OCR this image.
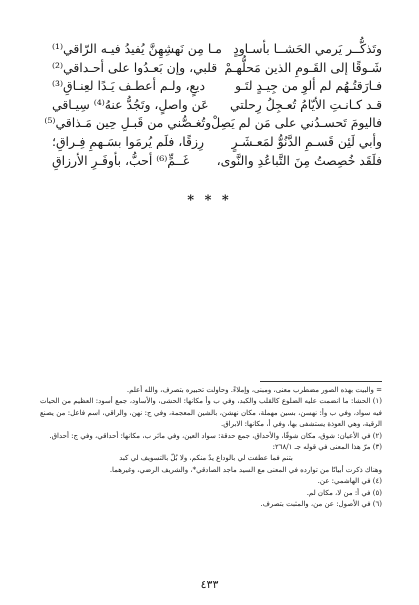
وتَذكُّــر يَرمي الحَشــا بأسـاودٍ
مـا مِن نَهشِهِنَّ يُفيدُ فيـه الرّاقي⁽¹⁾
شَـوقًا إلى القَـومِ الذين مَحلُّهـمْ
قلبي، وإن بَعـدُوا على أحـداقي⁽²⁾
فـارَقتُـهُم لم ألوِ من جِيـدٍ لتَـو
ديعٍ، ولـم أعطـف يَـدًا لعِنـاقِ⁽³⁾
قـد كـانـتِ الأيّامُ تُعـجِلُ رِحلتي
عَن واصلٍ، وتَجُدُّ عنهُ⁽⁴⁾ سِيـاقي
فاليومَ تَحسـدُني على مَن لم يَصِلْ
وتُغـصُّني من قَبـلِ حِين مَـذاقي⁽⁵⁾
وأبي لَئِن قَسـمِ الدَّنُوُّ لمَعـشَـرٍ
رِزقًا، فلَم يُرمَوا بسَـهمِ فِـراقِ؛
فلَقَد خُصِصتُ مِنَ التَّباعُدِ والنَّوى،
غَــمٍّ⁽⁶⁾ أحبُّ، بأوفَـرِ الأرزاقِ
* * *

= والبيت بهذه الصور مضطرب معنى، ومبنى، وإملاءً. وحاولت تحبيره بتصرف، والله أعلم.

(١) الحشا: ما انضمت عليه الضلوع كالقلب والكبد، وفي ب وأ مكانها: الحشى، والأساود، جمع أسود: العظيم من الحيات فيه سواد، وفي ب وأ: نهسن، بسين مهملة، مكان نهشن، بالشين المعجمة، وفي ج: نهن، والراقي، اسم فاعل: من يصنع الرقية، وهي العوذة يستشفى بها، وفي أ، مكانها: الابراق.

(٢) في الأعيان: شوق، مكان شوقًا، والأحداق، جمع حدقة: سواد العين، وفي ماثر ب، مكانها: أحداقي، وفي ج: أحداق.

(٣) مرّ هذا المعنى في قوله جـ ٢٦٨/١:

بتنم فما عطفت لي بالوداع يدٌ منكم، ولا بُلّ بالتسويف لي كبد

وهناك ذكرت أبياتًا من توارده في المعنى مع السيد ماجد الصادقي*، والشريف الرضي، وغيرهما.

(٤) في الهاشمي: عن.

(٥) في أ: من لا، مكان لم.

(٦) في الأصول: عن من، والمثبت بتصرف.

٤٣٣
